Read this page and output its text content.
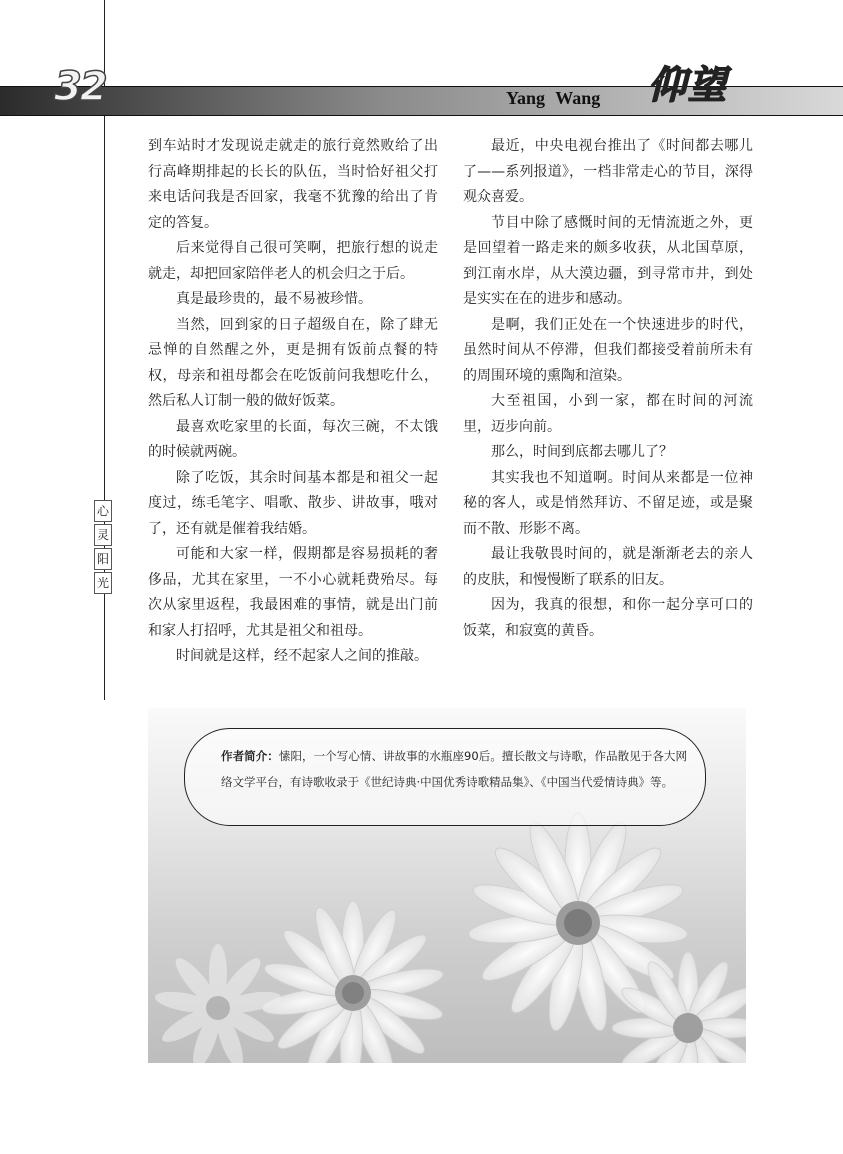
32	Yang Wang 仰望
心
灵
阳
光

到车站时才发现说走就走的旅行竟然败给了出行高峰期排起的长长的队伍，当时恰好祖父打来电话问我是否回家，我毫不犹豫的给出了肯定的答复。

后来觉得自己很可笑啊，把旅行想的说走就走，却把回家陪伴老人的机会归之于后。

真是最珍贵的，最不易被珍惜。

当然，回到家的日子超级自在，除了肆无忌惮的自然醒之外，更是拥有饭前点餐的特权，母亲和祖母都会在吃饭前问我想吃什么，然后私人订制一般的做好饭菜。

最喜欢吃家里的长面，每次三碗，不太饿的时候就两碗。

除了吃饭，其余时间基本都是和祖父一起度过，练毛笔字、唱歌、散步、讲故事，哦对了，还有就是催着我结婚。

可能和大家一样，假期都是容易损耗的奢侈品，尤其在家里，一不小心就耗费殆尽。每次从家里返程，我最困难的事情，就是出门前和家人打招呼，尤其是祖父和祖母。

时间就是这样，经不起家人之间的推敲。

最近，中央电视台推出了《时间都去哪儿了——系列报道》，一档非常走心的节目，深得观众喜爱。

节目中除了感慨时间的无情流逝之外，更是回望着一路走来的颇多收获，从北国草原，到江南水岸，从大漠边疆，到寻常市井，到处是实实在在的进步和感动。

是啊，我们正处在一个快速进步的时代，虽然时间从不停滞，但我们都接受着前所未有的周围环境的熏陶和渲染。

大至祖国，小到一家，都在时间的河流里，迈步向前。

那么，时间到底都去哪儿了？

其实我也不知道啊。时间从来都是一位神秘的客人，或是悄然拜访、不留足迹，或是聚而不散、形影不离。

最让我敬畏时间的，就是渐渐老去的亲人的皮肤，和慢慢断了联系的旧友。

因为，我真的很想，和你一起分享可口的饭菜，和寂寞的黄昏。

作者简介：愫阳，一个写心情、讲故事的水瓶座90后。擅长散文与诗歌，作品散见于各大网络文学平台，有诗歌收录于《世纪诗典·中国优秀诗歌精品集》、《中国当代爱情诗典》等。
